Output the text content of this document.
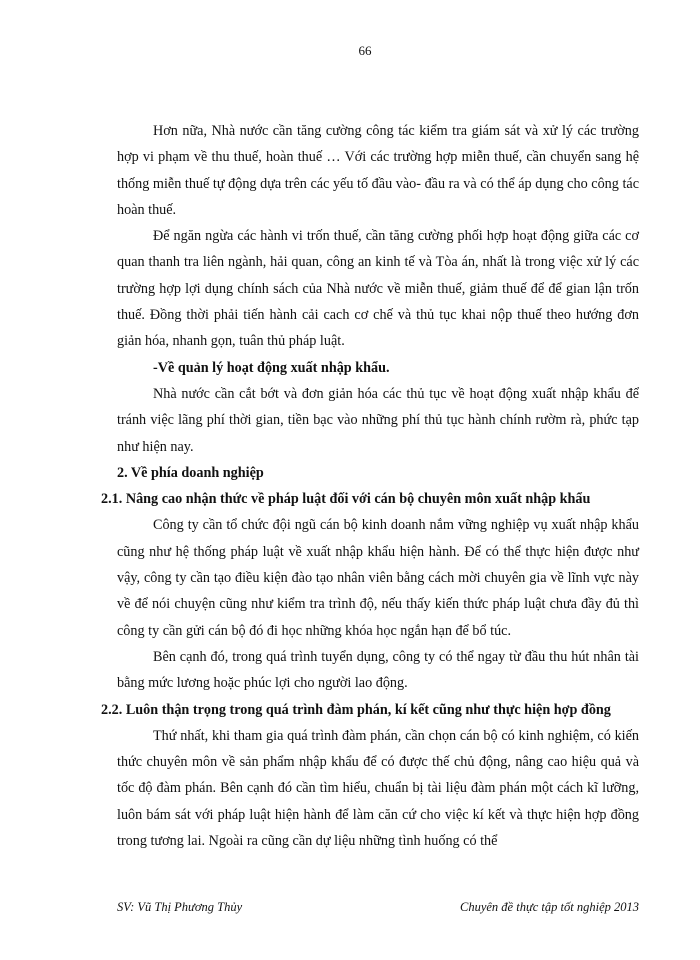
66

Hơn nữa, Nhà nước cần tăng cường công tác kiểm tra giám sát và xử lý các trường hợp vi phạm về thu thuế, hoàn thuế … Với các trường hợp miễn thuế, cần chuyển sang hệ thống miễn thuế tự động dựa trên các yếu tố đầu vào- đầu ra và có thể áp dụng cho công tác hoàn thuế.

Để ngăn ngừa các hành vi trốn thuế, cần tăng cường phối hợp hoạt động giữa các cơ quan thanh tra liên ngành, hải quan, công an kinh tế và Tòa án, nhất là trong việc xử lý các trường hợp lợi dụng chính sách của Nhà nước về miễn thuế, giảm thuế để để gian lận trốn thuế. Đồng thời phải tiến hành cải cach cơ chế và thủ tục khai nộp thuế theo hướng đơn giản hóa, nhanh gọn, tuân thủ pháp luật.

-Về quản lý hoạt động xuất nhập khẩu.

Nhà nước cần cắt bớt và đơn giản hóa các thủ tục về hoạt động xuất nhập khẩu để tránh việc lãng phí thời gian, tiền bạc vào những phí thủ tục hành chính rườm rà, phức tạp như hiện nay.

2. Về phía doanh nghiệp

2.1. Nâng cao nhận thức về pháp luật đối với cán bộ chuyên môn xuất nhập khẩu

Công ty cần tổ chức đội ngũ cán bộ kinh doanh nắm vững nghiệp vụ xuất nhập khẩu cũng như hệ thống pháp luật về xuất nhập khẩu hiện hành. Để có thể thực hiện được như vậy, công ty cần tạo điều kiện đào tạo nhân viên bằng cách mời chuyên gia về lĩnh vực này về để nói chuyện cũng như kiểm tra trình độ, nếu thấy kiến thức pháp luật chưa đầy đủ thì công ty cần gửi cán bộ đó đi học những khóa học ngắn hạn để bổ túc.

Bên cạnh đó, trong quá trình tuyển dụng, công ty có thể ngay từ đầu thu hút nhân tài bằng mức lương hoặc phúc lợi cho người lao động.

2.2. Luôn thận trọng trong quá trình đàm phán, kí kết cũng như thực hiện hợp đồng

Thứ nhất, khi tham gia quá trình đàm phán, cần chọn cán bộ có kinh nghiệm, có kiến thức chuyên môn về sản phẩm nhập khẩu để có được thế chủ động, nâng cao hiệu quả và tốc độ đàm phán. Bên cạnh đó cần tìm hiểu, chuẩn bị tài liệu đàm phán một cách kĩ lưỡng, luôn bám sát với pháp luật hiện hành để làm căn cứ cho việc kí kết và thực hiện hợp đồng trong tương lai. Ngoài ra cũng cần dự liệu những tình huống có thể

SV: Vũ Thị Phương Thủy	Chuyên đề thực tập tốt nghiệp 2013
